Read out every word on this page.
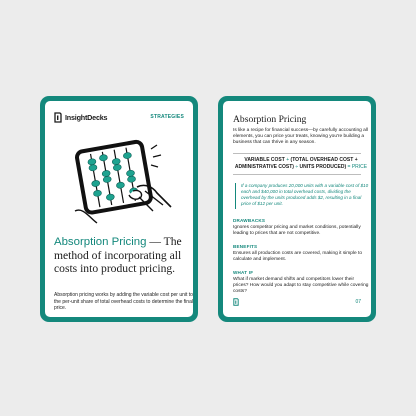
InsightDecks	STRATEGIES
Absorption Pricing — The method of incorporating all costs into product pricing.
Absorption pricing works by adding the variable cost per unit to the per-unit share of total overhead costs to determine the final price.
Absorption Pricing
Is like a recipe for financial success—by carefully accounting all elements, you can price your treats, knowing you're building a business that can thrive in any season.
VARIABLE COST + (TOTAL OVERHEAD COST + ADMINISTRATIVE COST) ÷ UNITS PRODUCED) = PRICE
If a company produces 20,000 units with a variable cost of $10 each and $40,000 in total overhead costs, dividing the overhead by the units produced adds $2, resulting in a final price of $12 per unit.
DRAWBACKS
Ignores competitor pricing and market conditions, potentially leading to prices that are not competitive.
BENEFITS
Ensures all production costs are covered, making it simple to calculate and implement.
WHAT IF
What if market demand shifts and competitors lower their prices? How would you adapt to stay competitive while covering costs?
07
